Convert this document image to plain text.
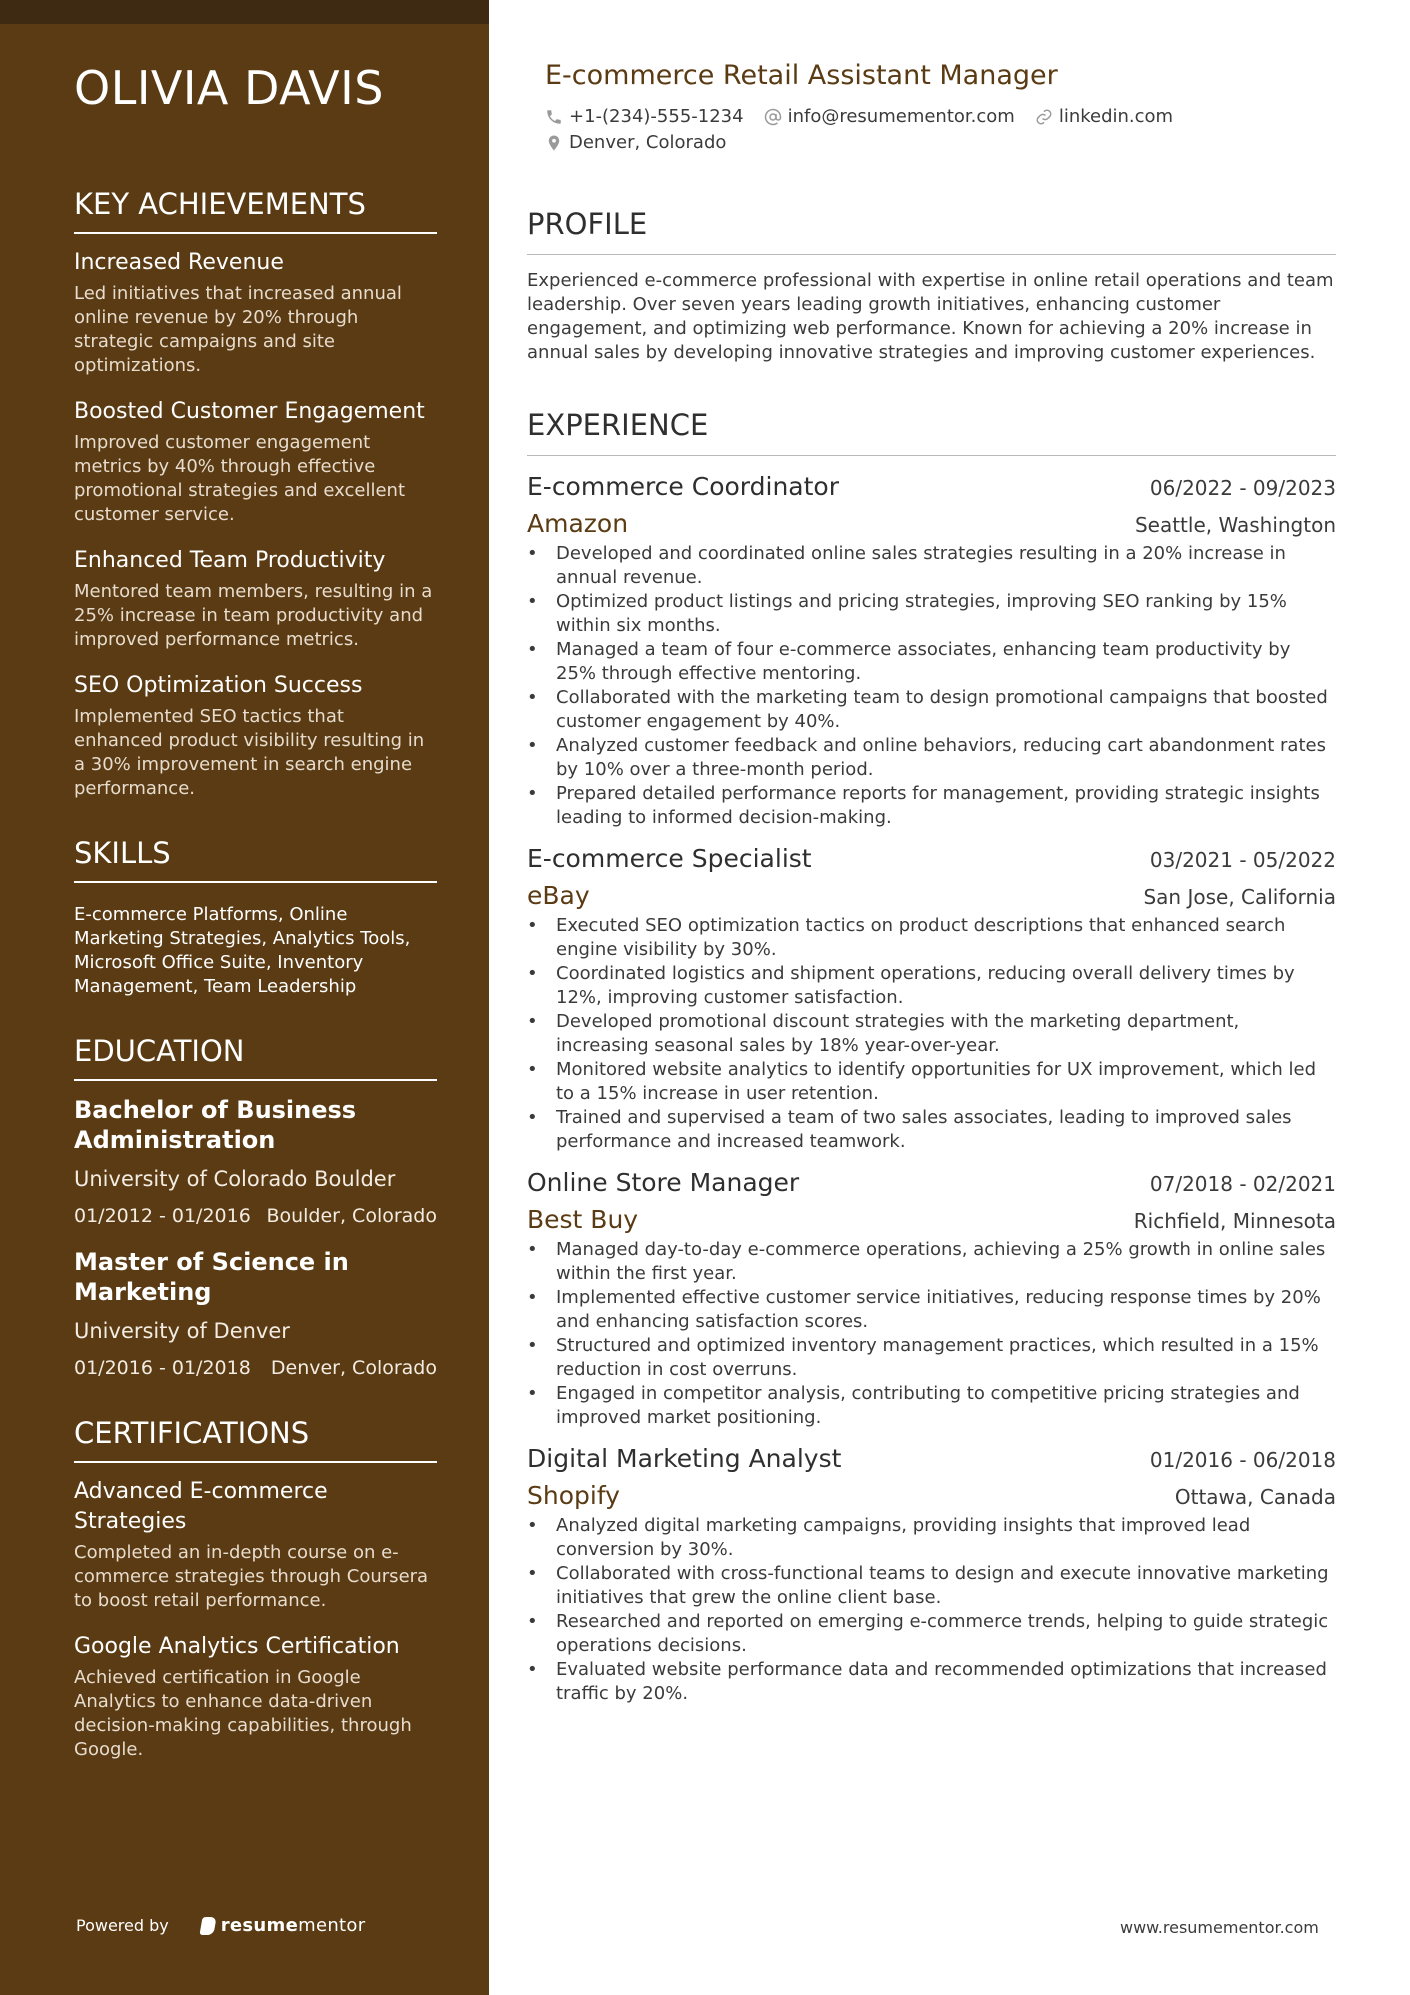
OLIVIA DAVIS
KEY ACHIEVEMENTS
Increased Revenue
Led initiatives that increased annual online revenue by 20% through strategic campaigns and site optimizations.
Boosted Customer Engagement
Improved customer engagement metrics by 40% through effective promotional strategies and excellent customer service.
Enhanced Team Productivity
Mentored team members, resulting in a 25% increase in team productivity and improved performance metrics.
SEO Optimization Success
Implemented SEO tactics that enhanced product visibility resulting in a 30% improvement in search engine performance.
SKILLS
E-commerce Platforms, Online Marketing Strategies, Analytics Tools, Microsoft Office Suite, Inventory Management, Team Leadership
EDUCATION
Bachelor of Business Administration
University of Colorado Boulder
01/2012 - 01/2016 Boulder, Colorado
Master of Science in Marketing
University of Denver
01/2016 - 01/2018 Denver, Colorado
CERTIFICATIONS
Advanced E-commerce Strategies
Completed an in-depth course on e-commerce strategies through Coursera to boost retail performance.
Google Analytics Certification
Achieved certification in Google Analytics to enhance data-driven decision-making capabilities, through Google.
Powered by	resume mentor
E-commerce Retail Assistant Manager
+1-(234)-555-1234 info@resumementor.com linkedin.com
Denver, Colorado
PROFILE
Experienced e-commerce professional with expertise in online retail operations and team leadership. Over seven years leading growth initiatives, enhancing customer engagement, and optimizing web performance. Known for achieving a 20% increase in annual sales by developing innovative strategies and improving customer experiences.
EXPERIENCE
E-commerce Coordinator	06/2022 - 09/2023
Amazon	Seattle, Washington
• Developed and coordinated online sales strategies resulting in a 20% increase in annual revenue.
• Optimized product listings and pricing strategies, improving SEO ranking by 15% within six months.
• Managed a team of four e-commerce associates, enhancing team productivity by 25% through effective mentoring.
• Collaborated with the marketing team to design promotional campaigns that boosted customer engagement by 40%.
• Analyzed customer feedback and online behaviors, reducing cart abandonment rates by 10% over a three-month period.
• Prepared detailed performance reports for management, providing strategic insights leading to informed decision-making.
E-commerce Specialist	03/2021 - 05/2022
eBay	San Jose, California
• Executed SEO optimization tactics on product descriptions that enhanced search engine visibility by 30%.
• Coordinated logistics and shipment operations, reducing overall delivery times by 12%, improving customer satisfaction.
• Developed promotional discount strategies with the marketing department, increasing seasonal sales by 18% year-over-year.
• Monitored website analytics to identify opportunities for UX improvement, which led to a 15% increase in user retention.
• Trained and supervised a team of two sales associates, leading to improved sales performance and increased teamwork.
Online Store Manager	07/2018 - 02/2021
Best Buy	Richfield, Minnesota
• Managed day-to-day e-commerce operations, achieving a 25% growth in online sales within the first year.
• Implemented effective customer service initiatives, reducing response times by 20% and enhancing satisfaction scores.
• Structured and optimized inventory management practices, which resulted in a 15% reduction in cost overruns.
• Engaged in competitor analysis, contributing to competitive pricing strategies and improved market positioning.
Digital Marketing Analyst	01/2016 - 06/2018
Shopify	Ottawa, Canada
• Analyzed digital marketing campaigns, providing insights that improved lead conversion by 30%.
• Collaborated with cross-functional teams to design and execute innovative marketing initiatives that grew the online client base.
• Researched and reported on emerging e-commerce trends, helping to guide strategic operations decisions.
• Evaluated website performance data and recommended optimizations that increased traffic by 20%.
www.resumementor.com
